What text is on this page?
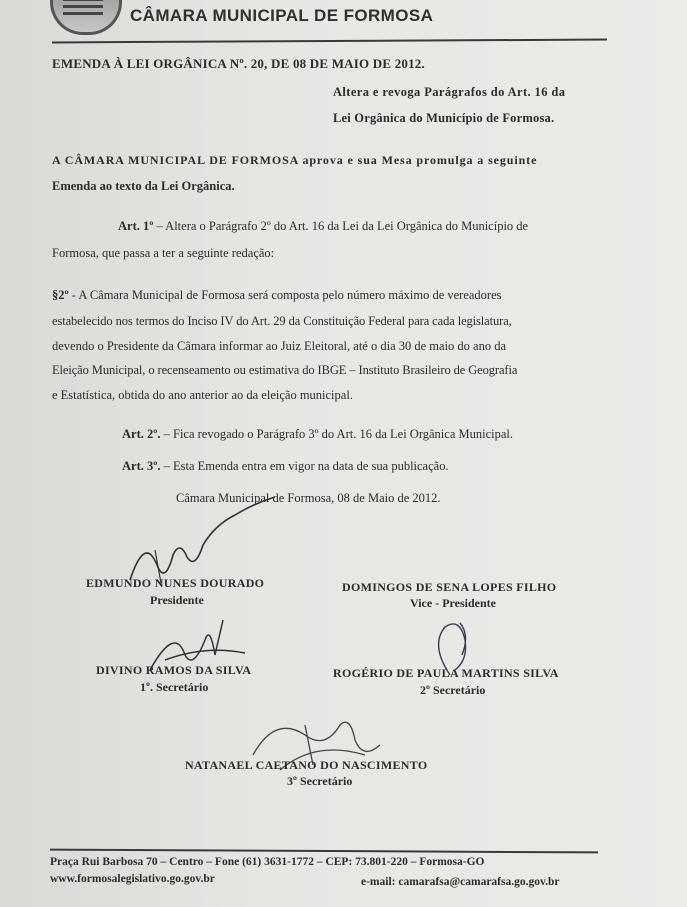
CÂMARA MUNICIPAL DE FORMOSA
EMENDA À LEI ORGÂNICA Nº. 20, DE 08 DE MAIO DE 2012.
Altera e revoga Parágrafos do Art. 16 da
Lei Orgânica do Município de Formosa.
A CÂMARA MUNICIPAL DE FORMOSA aprova e sua Mesa promulga a seguinte
Emenda ao texto da Lei Orgânica.
Art. 1º – Altera o Parágrafo 2º do Art. 16 da Lei da Lei Orgânica do Município de
Formosa, que passa a ter a seguinte redação:
§2º - A Câmara Municipal de Formosa será composta pelo número máximo de vereadores
estabelecido nos termos do Inciso IV do Art. 29 da Constituição Federal para cada legislatura,
devendo o Presidente da Câmara informar ao Juiz Eleitoral, até o dia 30 de maio do ano da
Eleição Municipal, o recenseamento ou estimativa do IBGE – Instituto Brasileiro de Geografia
e Estatística, obtida do ano anterior ao da eleição municipal.
Art. 2º. – Fica revogado o Parágrafo 3º do Art. 16 da Lei Orgânica Municipal.
Art. 3º. – Esta Emenda entra em vigor na data de sua publicação.
Câmara Municipal de Formosa, 08 de Maio de 2012.
EDMUNDO NUNES DOURADO
Presidente
DOMINGOS DE SENA LOPES FILHO
Vice - Presidente
DIVINO RAMOS DA SILVA
1º. Secretário
ROGÉRIO DE PAULA MARTINS SILVA
2º Secretário
NATANAEL CAETANO DO NASCIMENTO
3º Secretário
Praça Rui Barbosa 70 – Centro – Fone (61) 3631-1772 – CEP: 73.801-220 – Formosa-GO
www.formosalegislativo.go.gov.br	e-mail: camarafsa@camarafsa.go.gov.br
